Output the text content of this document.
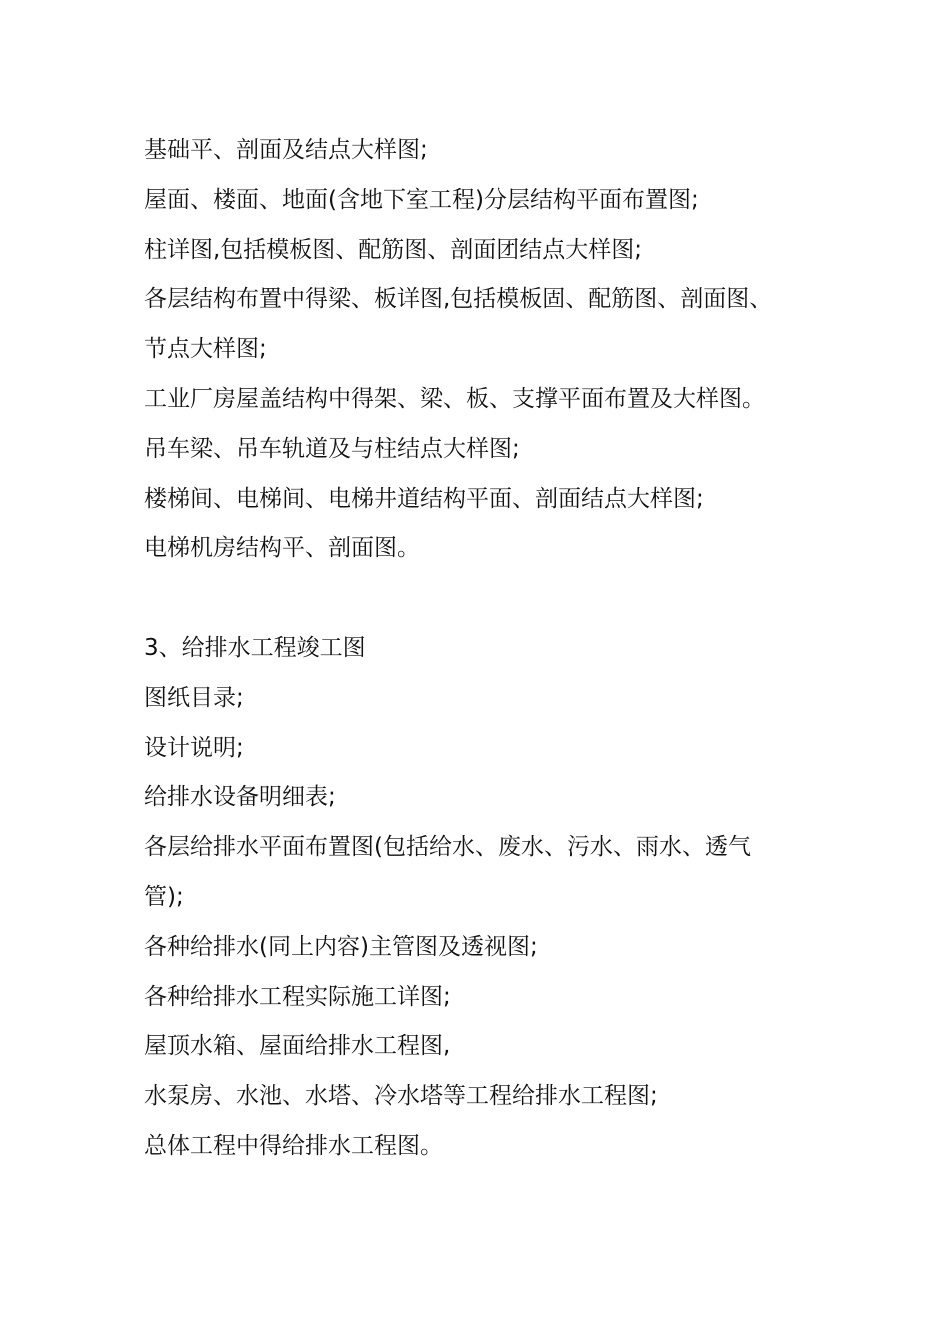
基础平、剖面及结点大样图;
屋面、楼面、地面(含地下室工程)分层结构平面布置图;
柱详图,包括模板图、配筋图、剖面团结点大样图;
各层结构布置中得梁、板详图,包括模板固、配筋图、剖面图、
节点大样图;
工业厂房屋盖结构中得架、梁、板、支撑平面布置及大样图。
吊车梁、吊车轨道及与柱结点大样图;
楼梯间、电梯间、电梯井道结构平面、剖面结点大样图;
电梯机房结构平、剖面图。
3、给排水工程竣工图
图纸目录;
设计说明;
给排水设备明细表;
各层给排水平面布置图(包括给水、废水、污水、雨水、透气
管);
各种给排水(同上内容)主管图及透视图;
各种给排水工程实际施工详图;
屋顶水箱、屋面给排水工程图,
水泵房、水池、水塔、冷水塔等工程给排水工程图;
总体工程中得给排水工程图。
